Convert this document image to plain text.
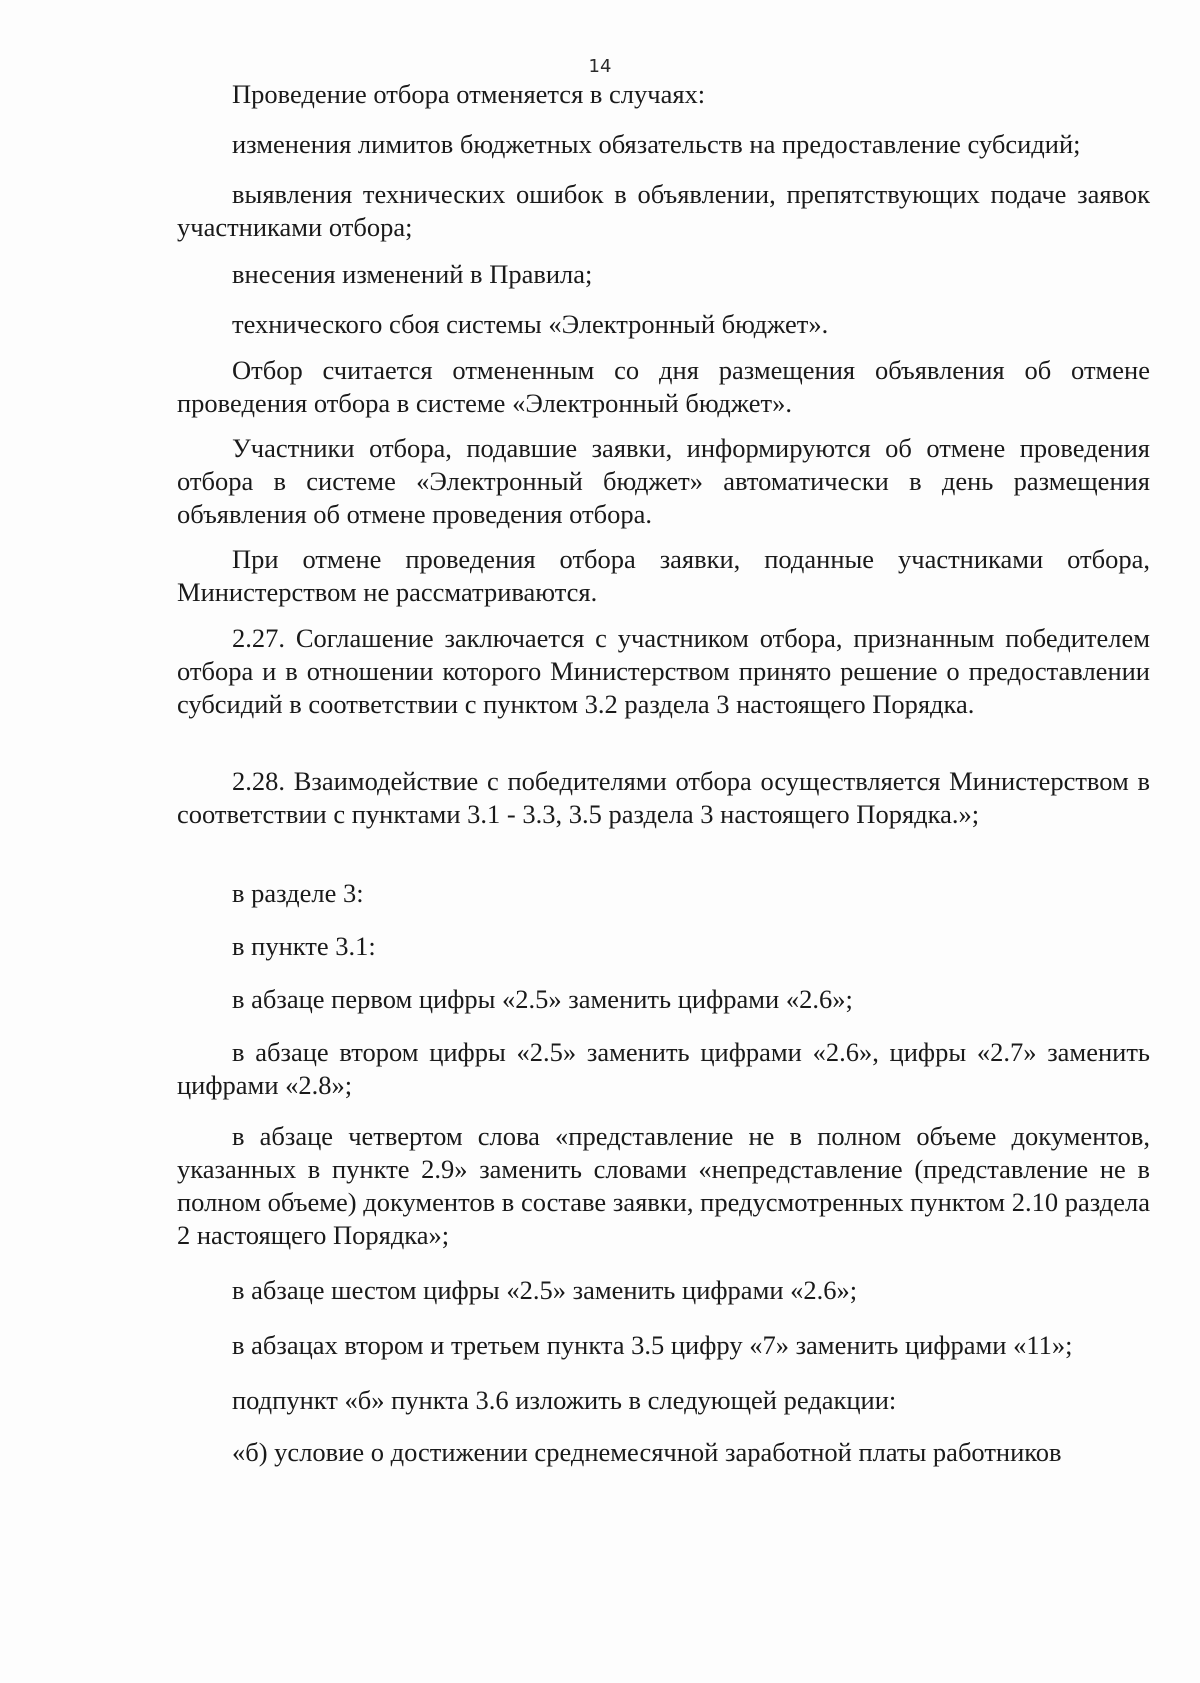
14

Проведение отбора отменяется в случаях:

изменения лимитов бюджетных обязательств на предоставление субсидий;

выявления технических ошибок в объявлении, препятствующих подаче заявок участниками отбора;

внесения изменений в Правила;

технического сбоя системы «Электронный бюджет».

Отбор считается отмененным со дня размещения объявления об отмене проведения отбора в системе «Электронный бюджет».

Участники отбора, подавшие заявки, информируются об отмене проведения отбора в системе «Электронный бюджет» автоматически в день размещения объявления об отмене проведения отбора.

При отмене проведения отбора заявки, поданные участниками отбора, Министерством не рассматриваются.

2.27. Соглашение заключается с участником отбора, признанным победителем отбора и в отношении которого Министерством принято решение о предоставлении субсидий в соответствии с пунктом 3.2 раздела 3 настоящего Порядка.

2.28. Взаимодействие с победителями отбора осуществляется Министерством в соответствии с пунктами 3.1 - 3.3, 3.5 раздела 3 настоящего Порядка.»;

в разделе 3:

в пункте 3.1:

в абзаце первом цифры «2.5» заменить цифрами «2.6»;

в абзаце втором цифры «2.5» заменить цифрами «2.6», цифры «2.7» заменить цифрами «2.8»;

в абзаце четвертом слова «представление не в полном объеме документов, указанных в пункте 2.9» заменить словами «непредставление (представление не в полном объеме) документов в составе заявки, предусмотренных пунктом 2.10 раздела 2 настоящего Порядка»;

в абзаце шестом цифры «2.5» заменить цифрами «2.6»;

в абзацах втором и третьем пункта 3.5 цифру «7» заменить цифрами «11»;

подпункт «б» пункта 3.6 изложить в следующей редакции:

«б) условие о достижении среднемесячной заработной платы работников
